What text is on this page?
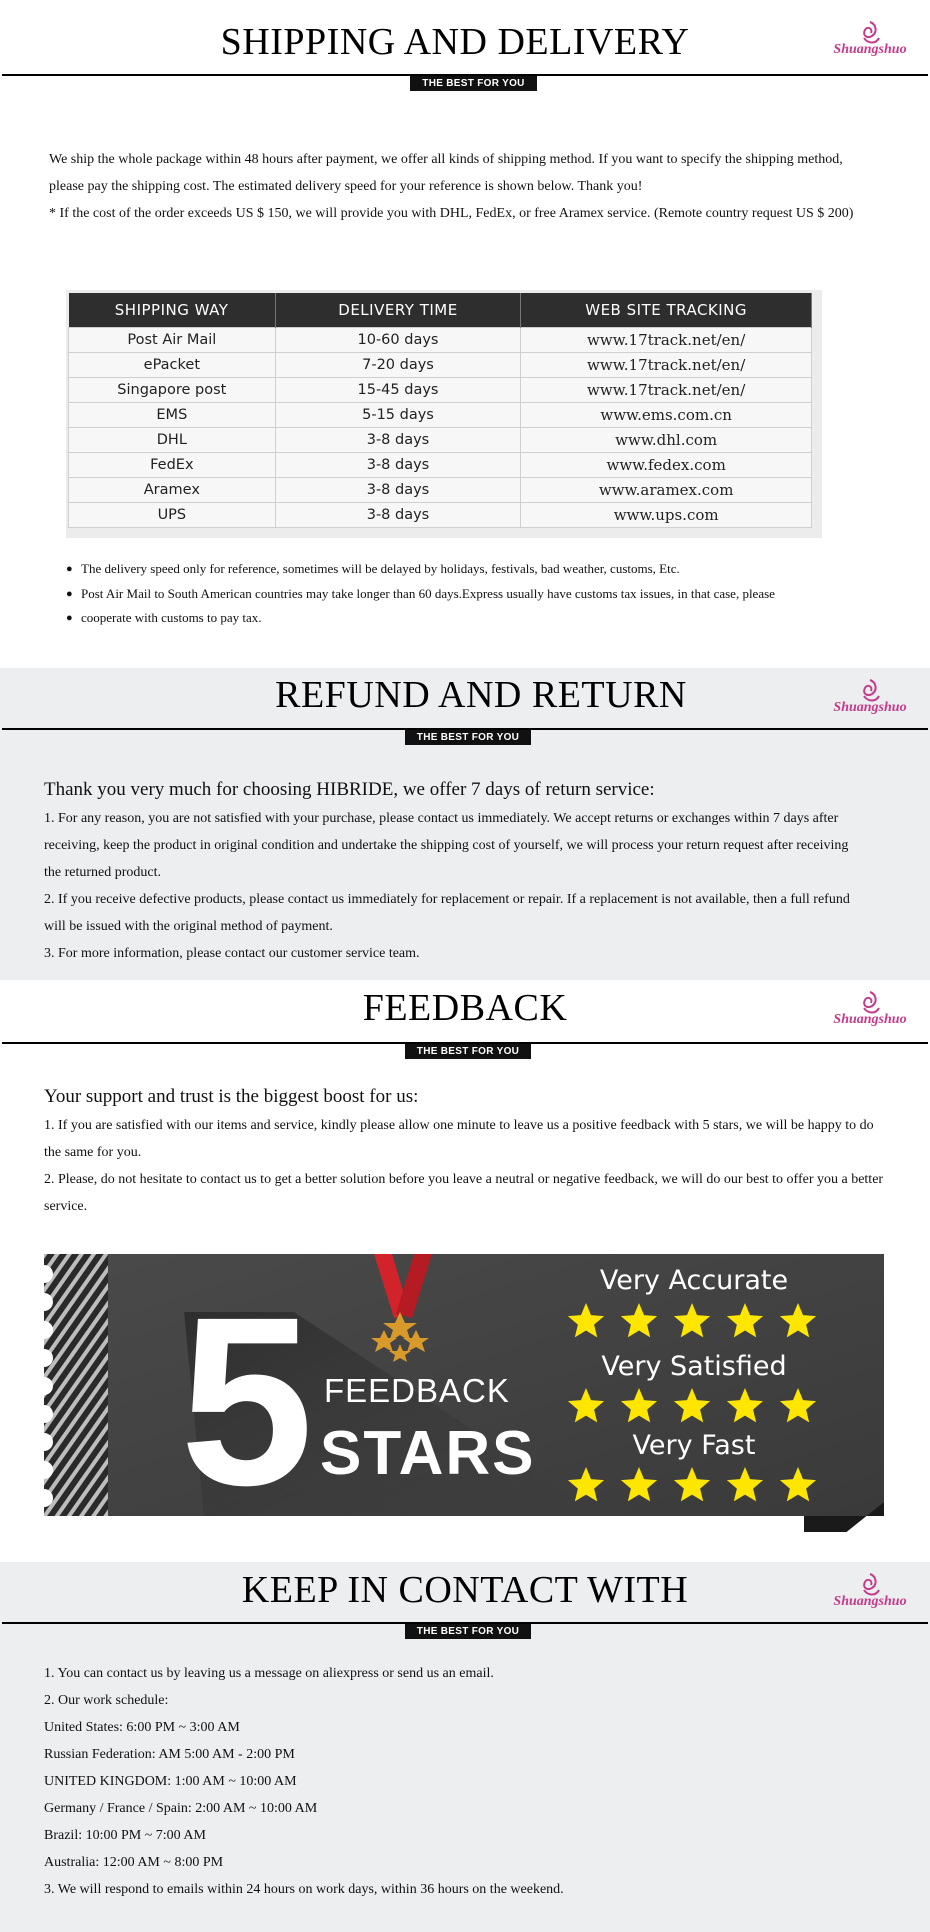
SHIPPING AND DELIVERY	Shuangshuo
THE BEST FOR YOU

We ship the whole package within 48 hours after payment, we offer all kinds of shipping method. If you want to specify the shipping method, please pay the shipping cost. The estimated delivery speed for your reference is shown below. Thank you!

* If the cost of the order exceeds US $ 150, we will provide you with DHL, FedEx, or free Aramex service. (Remote country request US $ 200)

SHIPPING WAY	DELIVERY TIME	WEB SITE TRACKING
Post Air Mail	10-60 days	www.17track.net/en/
ePacket	7-20 days	www.17track.net/en/
Singapore post	15-45 days	www.17track.net/en/
EMS	5-15 days	www.ems.com.cn
DHL	3-8 days	www.dhl.com
FedEx	3-8 days	www.fedex.com
Aramex	3-8 days	www.aramex.com
UPS	3-8 days	www.ups.com
● The delivery speed only for reference, sometimes will be delayed by holidays, festivals, bad weather, customs, Etc.
● Post Air Mail to South American countries may take longer than 60 days.Express usually have customs tax issues, in that case, please
● cooperate with customs to pay tax.
REFUND AND RETURN	Shuangshuo
THE BEST FOR YOU

Thank you very much for choosing HIBRIDE, we offer 7 days of return service:

1. For any reason, you are not satisfied with your purchase, please contact us immediately. We accept returns or exchanges within 7 days after receiving, keep the product in original condition and undertake the shipping cost of yourself, we will process your return request after receiving the returned product.

2. If you receive defective products, please contact us immediately for replacement or repair. If a replacement is not available, then a full refund will be issued with the original method of payment.

3. For more information, please contact our customer service team.

FEEDBACK	Shuangshuo
THE BEST FOR YOU

Your support and trust is the biggest boost for us:

1. If you are satisfied with our items and service, kindly please allow one minute to leave us a positive feedback with 5 stars, we will be happy to do the same for you.

2. Please, do not hesitate to contact us to get a better solution before you leave a neutral or negative feedback, we will do our best to offer you a better service.

5 FEEDBACK
STARS
Very Accurate
Very Satisfied
Very Fast
KEEP IN CONTACT WITH	Shuangshuo
THE BEST FOR YOU

1. You can contact us by leaving us a message on aliexpress or send us an email.

2. Our work schedule:

United States: 6:00 PM ~ 3:00 AM

Russian Federation: AM 5:00 AM - 2:00 PM

UNITED KINGDOM: 1:00 AM ~ 10:00 AM

Germany / France / Spain: 2:00 AM ~ 10:00 AM

Brazil: 10:00 PM ~ 7:00 AM

Australia: 12:00 AM ~ 8:00 PM

3. We will respond to emails within 24 hours on work days, within 36 hours on the weekend.
